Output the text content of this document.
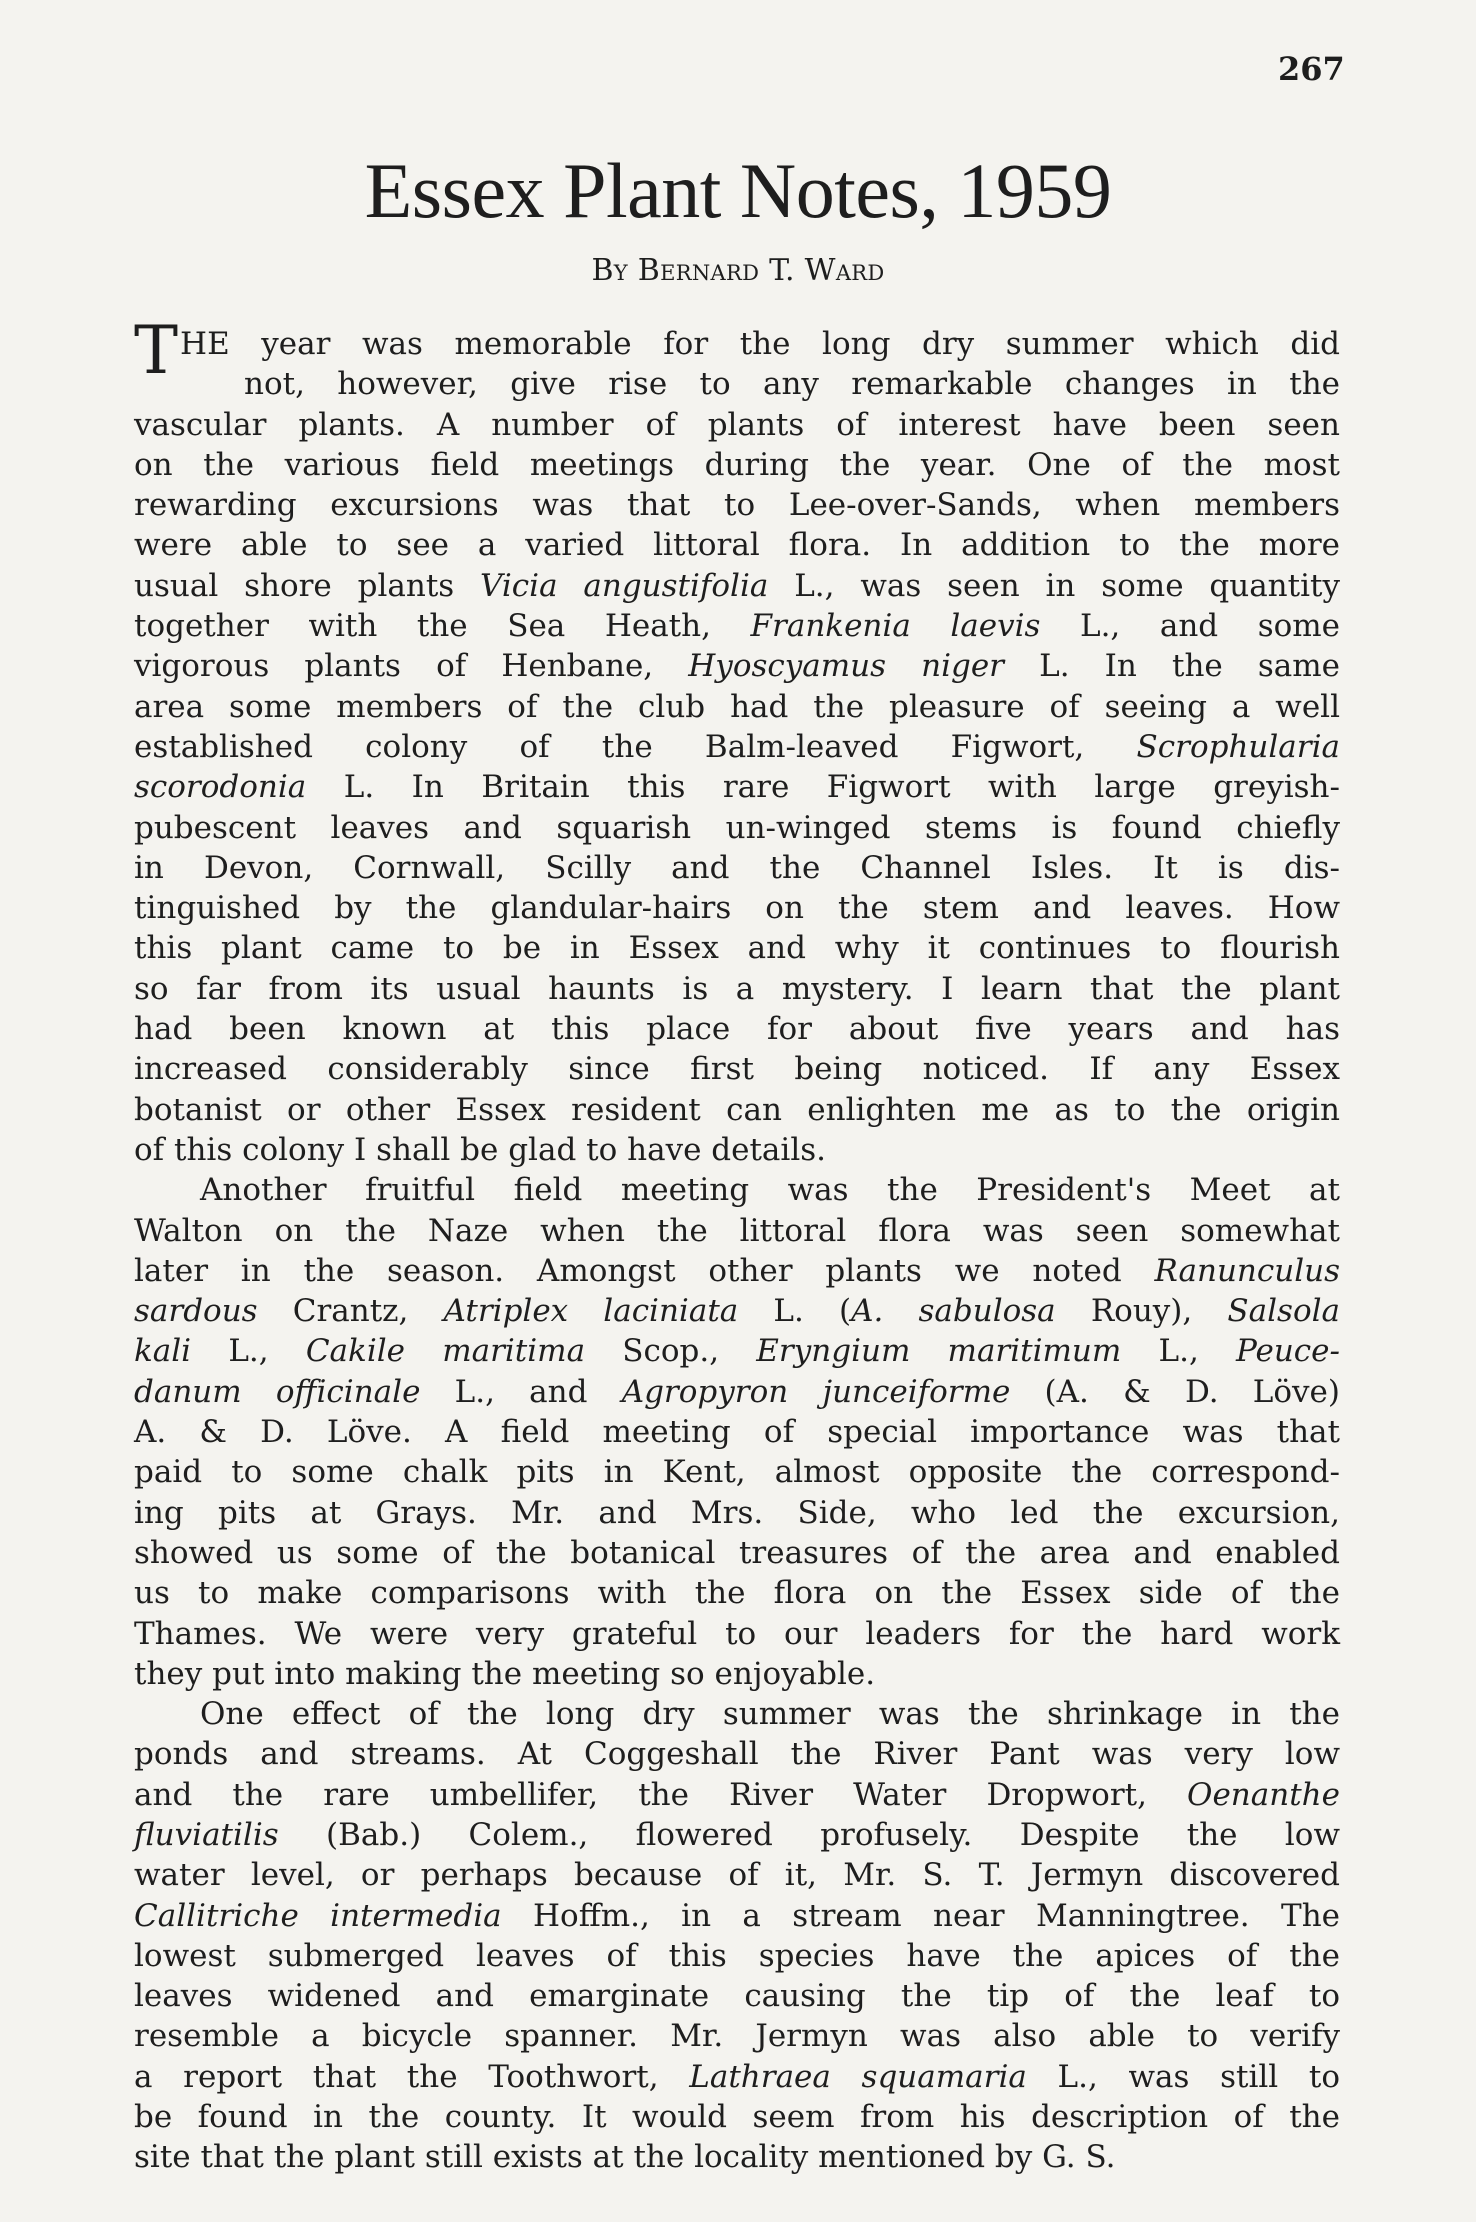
267
Essex Plant Notes, 1959
By Bernard T. Ward
THE year was memorable for the long dry summer which did
not, however, give rise to any remarkable changes in the
vascular plants. A number of plants of interest have been seen
on the various field meetings during the year. One of the most
rewarding excursions was that to Lee-over-Sands, when members
were able to see a varied littoral flora. In addition to the more
usual shore plants Vicia angustifolia L., was seen in some quantity
together with the Sea Heath, Frankenia laevis L., and some
vigorous plants of Henbane, Hyoscyamus niger L. In the same
area some members of the club had the pleasure of seeing a well
established colony of the Balm-leaved Figwort, Scrophularia
scorodonia L. In Britain this rare Figwort with large greyish-
pubescent leaves and squarish un-winged stems is found chiefly
in Devon, Cornwall, Scilly and the Channel Isles. It is dis-
tinguished by the glandular-hairs on the stem and leaves. How
this plant came to be in Essex and why it continues to flourish
so far from its usual haunts is a mystery. I learn that the plant
had been known at this place for about five years and has
increased considerably since first being noticed. If any Essex
botanist or other Essex resident can enlighten me as to the origin
of this colony I shall be glad to have details.
Another fruitful field meeting was the President's Meet at
Walton on the Naze when the littoral flora was seen somewhat
later in the season. Amongst other plants we noted Ranunculus
sardous Crantz, Atriplex laciniata L. (A. sabulosa Rouy), Salsola
kali L., Cakile maritima Scop., Eryngium maritimum L., Peuce-
danum officinale L., and Agropyron junceiforme (A. & D. Löve)
A. & D. Löve. A field meeting of special importance was that
paid to some chalk pits in Kent, almost opposite the correspond-
ing pits at Grays. Mr. and Mrs. Side, who led the excursion,
showed us some of the botanical treasures of the area and enabled
us to make comparisons with the flora on the Essex side of the
Thames. We were very grateful to our leaders for the hard work
they put into making the meeting so enjoyable.
One effect of the long dry summer was the shrinkage in the
ponds and streams. At Coggeshall the River Pant was very low
and the rare umbellifer, the River Water Dropwort, Oenanthe
fluviatilis (Bab.) Colem., flowered profusely. Despite the low
water level, or perhaps because of it, Mr. S. T. Jermyn discovered
Callitriche intermedia Hoffm., in a stream near Manningtree. The
lowest submerged leaves of this species have the apices of the
leaves widened and emarginate causing the tip of the leaf to
resemble a bicycle spanner. Mr. Jermyn was also able to verify
a report that the Toothwort, Lathraea squamaria L., was still to
be found in the county. It would seem from his description of the
site that the plant still exists at the locality mentioned by G. S.
